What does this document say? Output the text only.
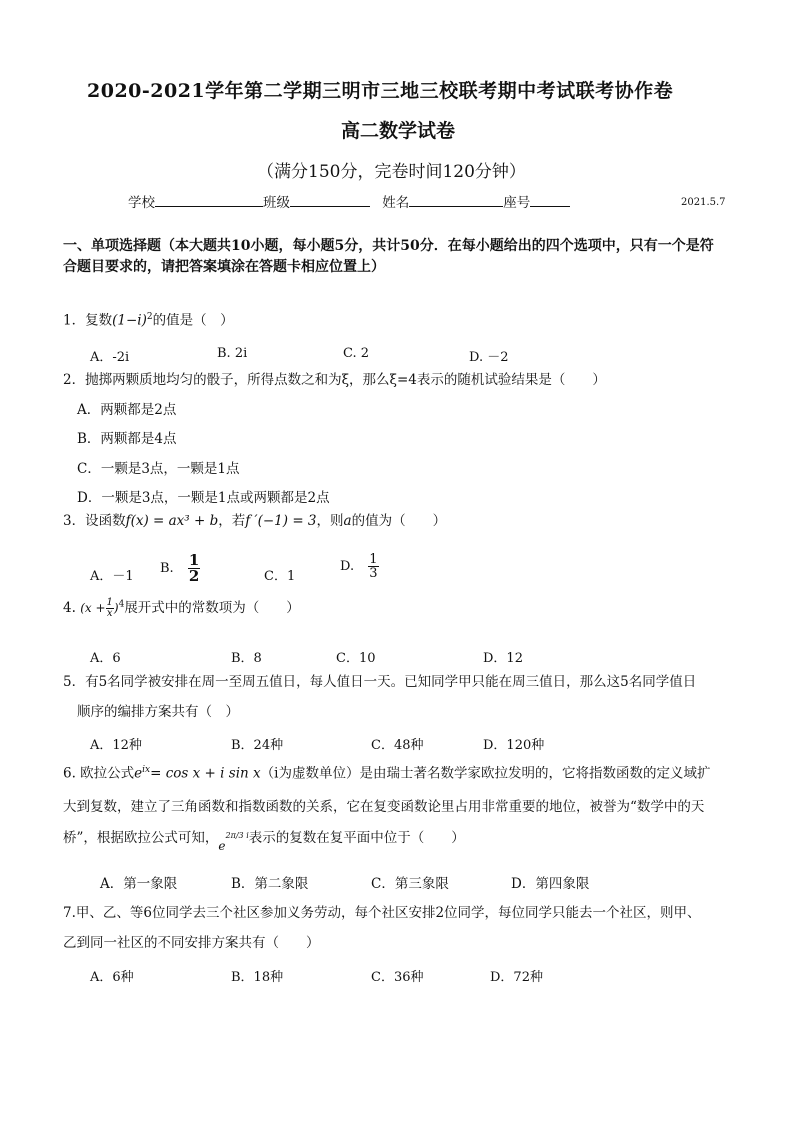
2020-2021学年第二学期三明市三地三校联考期中考试联考协作卷
高二数学试卷
（满分150分，完卷时间120分钟）
学校	班级	姓名	座号	2021.5.7
一、单项选择题（本大题共10小题，每小题5分，共计50分．在每小题给出的四个选项中，只有一个是符
合题目要求的，请把答案填涂在答题卡相应位置上）
1．复数$(1-i)^2$的值是（　）
A．-2i	B. 2i	C. 2	D. －2
2．抛掷两颗质地均匀的骰子，所得点数之和为ξ，那么ξ=4表示的随机试验结果是（　　）
A．两颗都是2点
B．两颗都是4点
C．一颗是3点，一颗是1点
D．一颗是3点，一颗是1点或两颗都是2点
3．设函数f(x) = ax³ + b，若f ′(−1) = 3，则a的值为（　　）
A．－1
B. $\frac{1}{2}$	C．1
D. $\frac{1}{3}$
4. $(x + \frac{1}{x} )^4$展开式中的常数项为（　　）
A．6	B．8	C．10	D．12
5．有5名同学被安排在周一至周五值日，每人值日一天。已知同学甲只能在周三值日，那么这5名同学值日
顺序的编排方案共有（　）
A．12种	B．24种	C．48种	D．120种
6. 欧拉公式$e^{ix}= \cos x + i$ sin x（i为虚数单位）是由瑞士著名数学家欧拉发明的，它将指数函数的定义域扩
大到复数，建立了三角函数和指数函数的关系，它在复变函数论里占用非常重要的地位，被誉为“数学中的天
桥”，根据欧拉公式可知，$e^{2\pi/3 i}$表示的复数在复平面中位于（　　）
A．第一象限	B．第二象限	C．第三象限	D．第四象限
7.甲、乙、等6位同学去三个社区参加义务劳动，每个社区安排2位同学，每位同学只能去一个社区，则甲、
乙到同一社区的不同安排方案共有（　　）
A．6种	B．18种	C．36种	D．72种
